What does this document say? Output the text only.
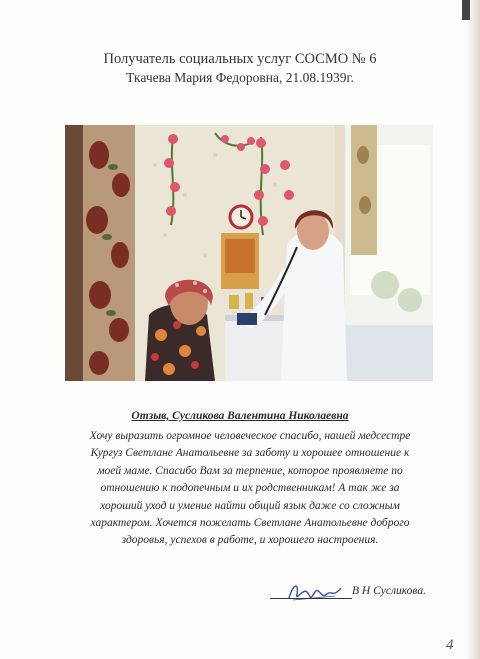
Получатель социальных услуг СОСМО № 6
Ткачева Мария Федоровна, 21.08.1939г.
Отзыв, Сусликова Валентина Николаевна
Хочу выразить огромное человеческое спасибо, нашей медсестре
Кургуз Светлане Анатольевне за заботу и хорошее отношение к
моей маме. Спасибо Вам за терпение, которое проявляете по
отношению к подопечным и их родственникам! А так же за
хороший уход и умение найти общий язык даже со сложным
характером. Хочется пожелать Светлане Анатольевне доброго
здоровья, успехов в работе, и хорошего настроения.
В Н Сусликова.
4
